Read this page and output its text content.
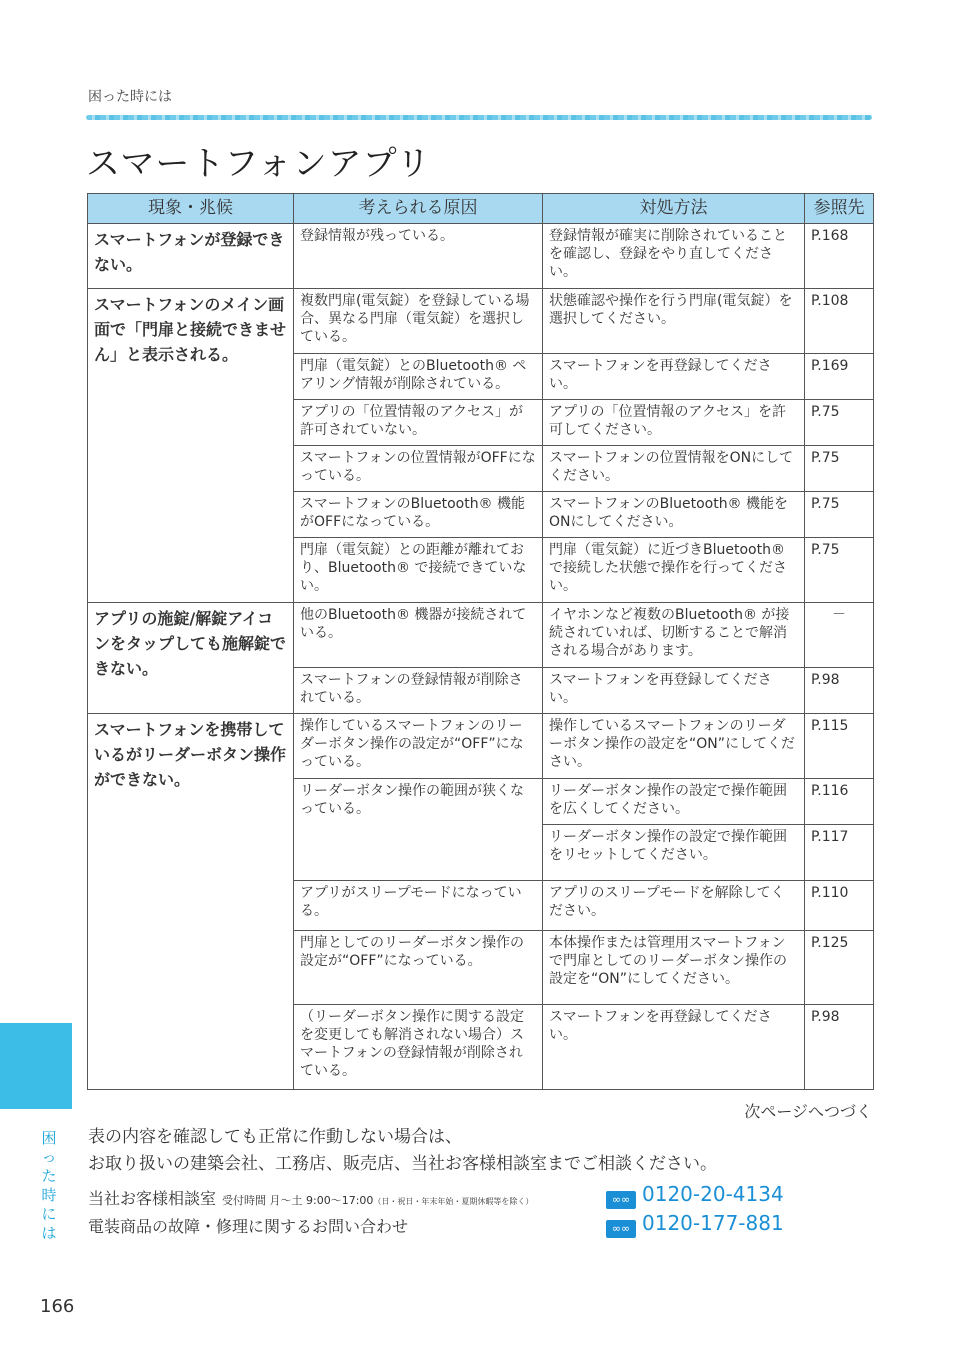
困った時には
スマートフォンアプリ
現象・兆候	考えられる原因	対処方法	参照先
スマートフォンが登録できない。	登録情報が残っている。	登録情報が確実に削除されていることを確認し、登録をやり直してください。	P.168
スマートフォンのメイン画面で「門扉と接続できません」と表示される。	複数門扉(電気錠）を登録している場合、異なる門扉（電気錠）を選択している。	状態確認や操作を行う門扉(電気錠）を選択してください。	P.108
	門扉（電気錠）とのBluetooth® ペアリング情報が削除されている。	スマートフォンを再登録してください。	P.169
	アプリの「位置情報のアクセス」が許可されていない。	アプリの「位置情報のアクセス」を許可してください。	P.75
	スマートフォンの位置情報がOFFになっている。	スマートフォンの位置情報をONにしてください。	P.75
	スマートフォンのBluetooth® 機能がOFFになっている。	スマートフォンのBluetooth® 機能をONにしてください。	P.75
	門扉（電気錠）との距離が離れており、Bluetooth® で接続できていない。	門扉（電気錠）に近づきBluetooth® で接続した状態で操作を行ってください。	P.75
アプリの施錠/解錠アイコンをタップしても施解錠できない。	他のBluetooth® 機器が接続されている。	イヤホンなど複数のBluetooth® が接続されていれば、切断することで解消される場合があります。	－
	スマートフォンの登録情報が削除されている。	スマートフォンを再登録してください。	P.98
スマートフォンを携帯しているがリーダーボタン操作ができない。	操作しているスマートフォンのリーダーボタン操作の設定が“OFF”になっている。	操作しているスマートフォンのリーダーボタン操作の設定を“ON”にしてください。	P.115
	リーダーボタン操作の範囲が狭くなっている。	リーダーボタン操作の設定で操作範囲を広くしてください。	P.116
		リーダーボタン操作の設定で操作範囲をリセットしてください。	P.117
	アプリがスリープモードになっている。	アプリのスリープモードを解除してください。	P.110
	門扉としてのリーダーボタン操作の設定が“OFF”になっている。	本体操作または管理用スマートフォンで門扉としてのリーダーボタン操作の設定を“ON”にしてください。	P.125
	（リーダーボタン操作に関する設定を変更しても解消されない場合）スマートフォンの登録情報が削除されている。	スマートフォンを再登録してください。	P.98
次ページへつづく
表の内容を確認しても正常に作動しない場合は、
お取り扱いの建築会社、工務店、販売店、当社お客様相談室までご相談ください。
当社お客様相談室 受付時間 月～土 9:00～17:00（日・祝日・年末年始・夏期休暇等を除く）	∞∞ 0120-20-4134
電装商品の故障・修理に関するお問い合わせ	∞∞ 0120-177-881
困った時には
166
